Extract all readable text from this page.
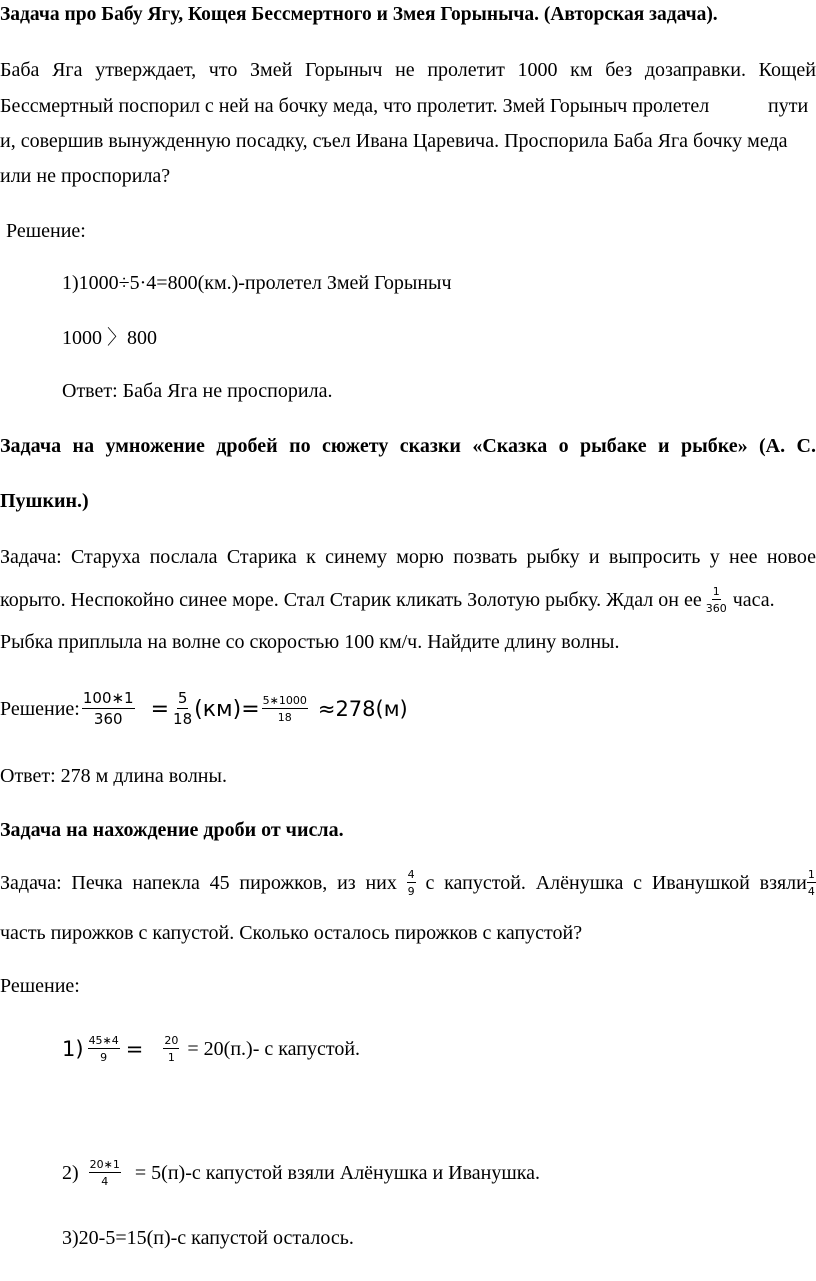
Задача про Бабу Ягу, Кощея Бессмертного и Змея Горыныча. (Авторская задача).
Баба Яга утверждает, что Змей Горыныч не пролетит 1000 км без дозаправки. Кощей
Бессмертный поспорил с ней на бочку меда, что пролетит. Змей Горыныч пролетел	пути
и, совершив вынужденную посадку, съел Ивана Царевича. Проспорила Баба Яга бочку меда
или не проспорила?
Решение:
1)1000÷5·4=800(км.)-пролетел Змей Горыныч
1000 〉800
Ответ: Баба Яга не проспорила.
Задача на умножение дробей по сюжету сказки «Сказка о рыбаке и рыбке» (А. С.
Пушкин.)
Задача: Старуха послала Старика к синему морю позвать рыбку и выпросить у нее новое
корыто. Неспокойно синее море. Стал Старик кликать Золотую рыбку. Ждал он ее $\frac{1}{360}$ часа.
Рыбка приплыла на волне со скоростью 100 км/ч. Найдите длину волны.
Решение: $\frac{100∗1}{360} = \frac{5}{18} (км)= \frac{5∗1000}{18} \approx 278(м)$
Ответ: 278 м длина волны.
Задача на нахождение дроби от числа.
Задача: Печка напекла 45 пирожков, из них $\frac{4}{9}$ с капустой. Алёнушка с Иванушкой взяли $\frac{1}{4}$
часть пирожков с капустой. Сколько осталось пирожков с капустой?
Решение:
$1) \frac{45∗4}{9} = \frac{20}{1} = 20(п.)-$ с капустой.
$2) \frac{20∗1}{4} = 5(п)-с$ капустой взяли Алёнушка и Иванушка.
3)20-5=15(п)-с капустой осталось.
